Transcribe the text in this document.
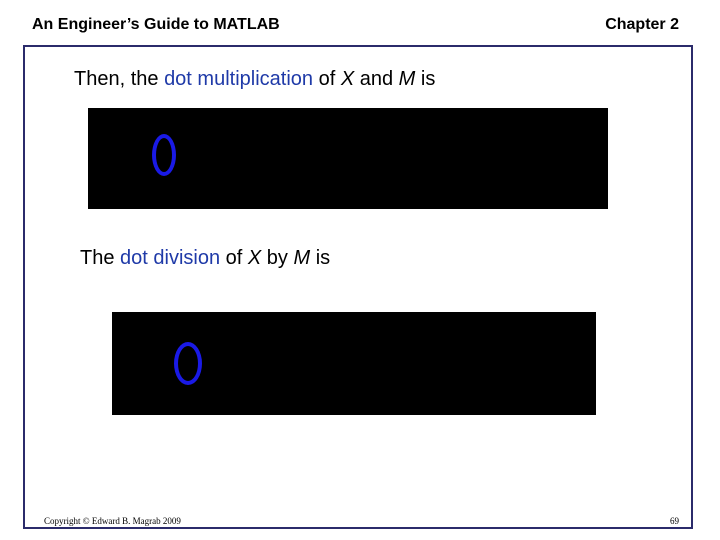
An Engineer’s Guide to MATLAB	Chapter 2
Then, the dot multiplication of X and M is
The dot division of X by M is
Copyright © Edward B. Magrab 2009	69
